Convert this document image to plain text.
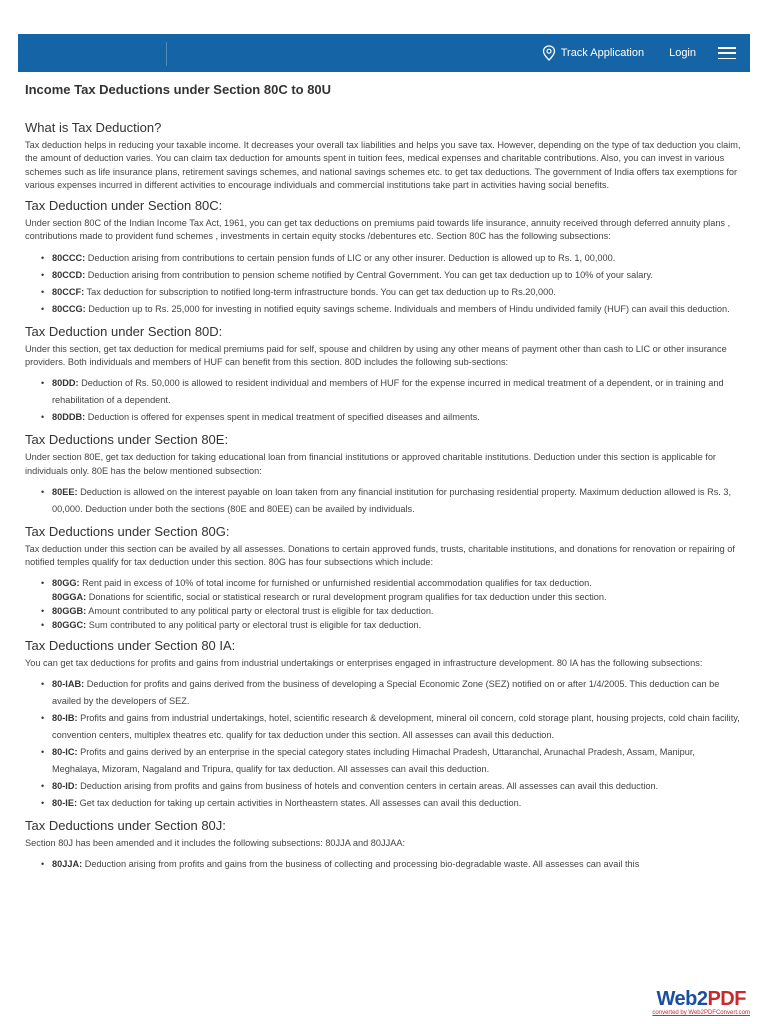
Track Application Login
Income Tax Deductions under Section 80C to 80U
What is Tax Deduction?
Tax deduction helps in reducing your taxable income. It decreases your overall tax liabilities and helps you save tax. However, depending on the type of tax deduction you claim, the amount of deduction varies. You can claim tax deduction for amounts spent in tuition fees, medical expenses and charitable contributions. Also, you can invest in various schemes such as life insurance plans, retirement savings schemes, and national savings schemes etc. to get tax deductions. The government of India offers tax exemptions for various expenses incurred in different activities to encourage individuals and commercial institutions take part in activities having social benefits.
Tax Deduction under Section 80C:
Under section 80C of the Indian Income Tax Act, 1961, you can get tax deductions on premiums paid towards life insurance, annuity received through deferred annuity plans , contributions made to provident fund schemes , investments in certain equity stocks /debentures etc. Section 80C has the following subsections:
• 80CCC: Deduction arising from contributions to certain pension funds of LIC or any other insurer. Deduction is allowed up to Rs. 1, 00,000.
• 80CCD: Deduction arising from contribution to pension scheme notified by Central Government. You can get tax deduction up to 10% of your salary.
• 80CCF: Tax deduction for subscription to notified long-term infrastructure bonds. You can get tax deduction up to Rs.20,000.
• 80CCG: Deduction up to Rs. 25,000 for investing in notified equity savings scheme. Individuals and members of Hindu undivided family (HUF) can avail this deduction.
Tax Deduction under Section 80D:
Under this section, get tax deduction for medical premiums paid for self, spouse and children by using any other means of payment other than cash to LIC or other insurance providers. Both individuals and members of HUF can benefit from this section. 80D includes the following sub-sections:
• 80DD: Deduction of Rs. 50,000 is allowed to resident individual and members of HUF for the expense incurred in medical treatment of a dependent, or in training and rehabilitation of a dependent.
• 80DDB: Deduction is offered for expenses spent in medical treatment of specified diseases and ailments.
Tax Deductions under Section 80E:
Under section 80E, get tax deduction for taking educational loan from financial institutions or approved charitable institutions. Deduction under this section is applicable for individuals only. 80E has the below mentioned subsection:
• 80EE: Deduction is allowed on the interest payable on loan taken from any financial institution for purchasing residential property. Maximum deduction allowed is Rs. 3, 00,000. Deduction under both the sections (80E and 80EE) can be availed by individuals.
Tax Deductions under Section 80G:
Tax deduction under this section can be availed by all assesses. Donations to certain approved funds, trusts, charitable institutions, and donations for renovation or repairing of notified temples qualify for tax deduction under this section. 80G has four subsections which include:
• 80GG: Rent paid in excess of 10% of total income for furnished or unfurnished residential accommodation qualifies for tax deduction.
80GGA: Donations for scientific, social or statistical research or rural development program qualifies for tax deduction under this section.
• 80GGB: Amount contributed to any political party or electoral trust is eligible for tax deduction.
• 80GGC: Sum contributed to any political party or electoral trust is eligible for tax deduction.
Tax Deductions under Section 80 IA:
You can get tax deductions for profits and gains from industrial undertakings or enterprises engaged in infrastructure development. 80 IA has the following subsections:
• 80-IAB: Deduction for profits and gains derived from the business of developing a Special Economic Zone (SEZ) notified on or after 1/4/2005. This deduction can be availed by the developers of SEZ.
• 80-IB: Profits and gains from industrial undertakings, hotel, scientific research & development, mineral oil concern, cold storage plant, housing projects, cold chain facility, convention centers, multiplex theatres etc. qualify for tax deduction under this section. All assesses can avail this deduction.
• 80-IC: Profits and gains derived by an enterprise in the special category states including Himachal Pradesh, Uttaranchal, Arunachal Pradesh, Assam, Manipur, Meghalaya, Mizoram, Nagaland and Tripura, qualify for tax deduction. All assesses can avail this deduction.
• 80-ID: Deduction arising from profits and gains from business of hotels and convention centers in certain areas. All assesses can avail this deduction.
• 80-IE: Get tax deduction for taking up certain activities in Northeastern states. All assesses can avail this deduction.
Tax Deductions under Section 80J:
Section 80J has been amended and it includes the following subsections: 80JJA and 80JJAA:
• 80JJA: Deduction arising from profits and gains from the business of collecting and processing bio-degradable waste. All assesses can avail this
Web2PDF
converted by Web2PDFConvert.com
